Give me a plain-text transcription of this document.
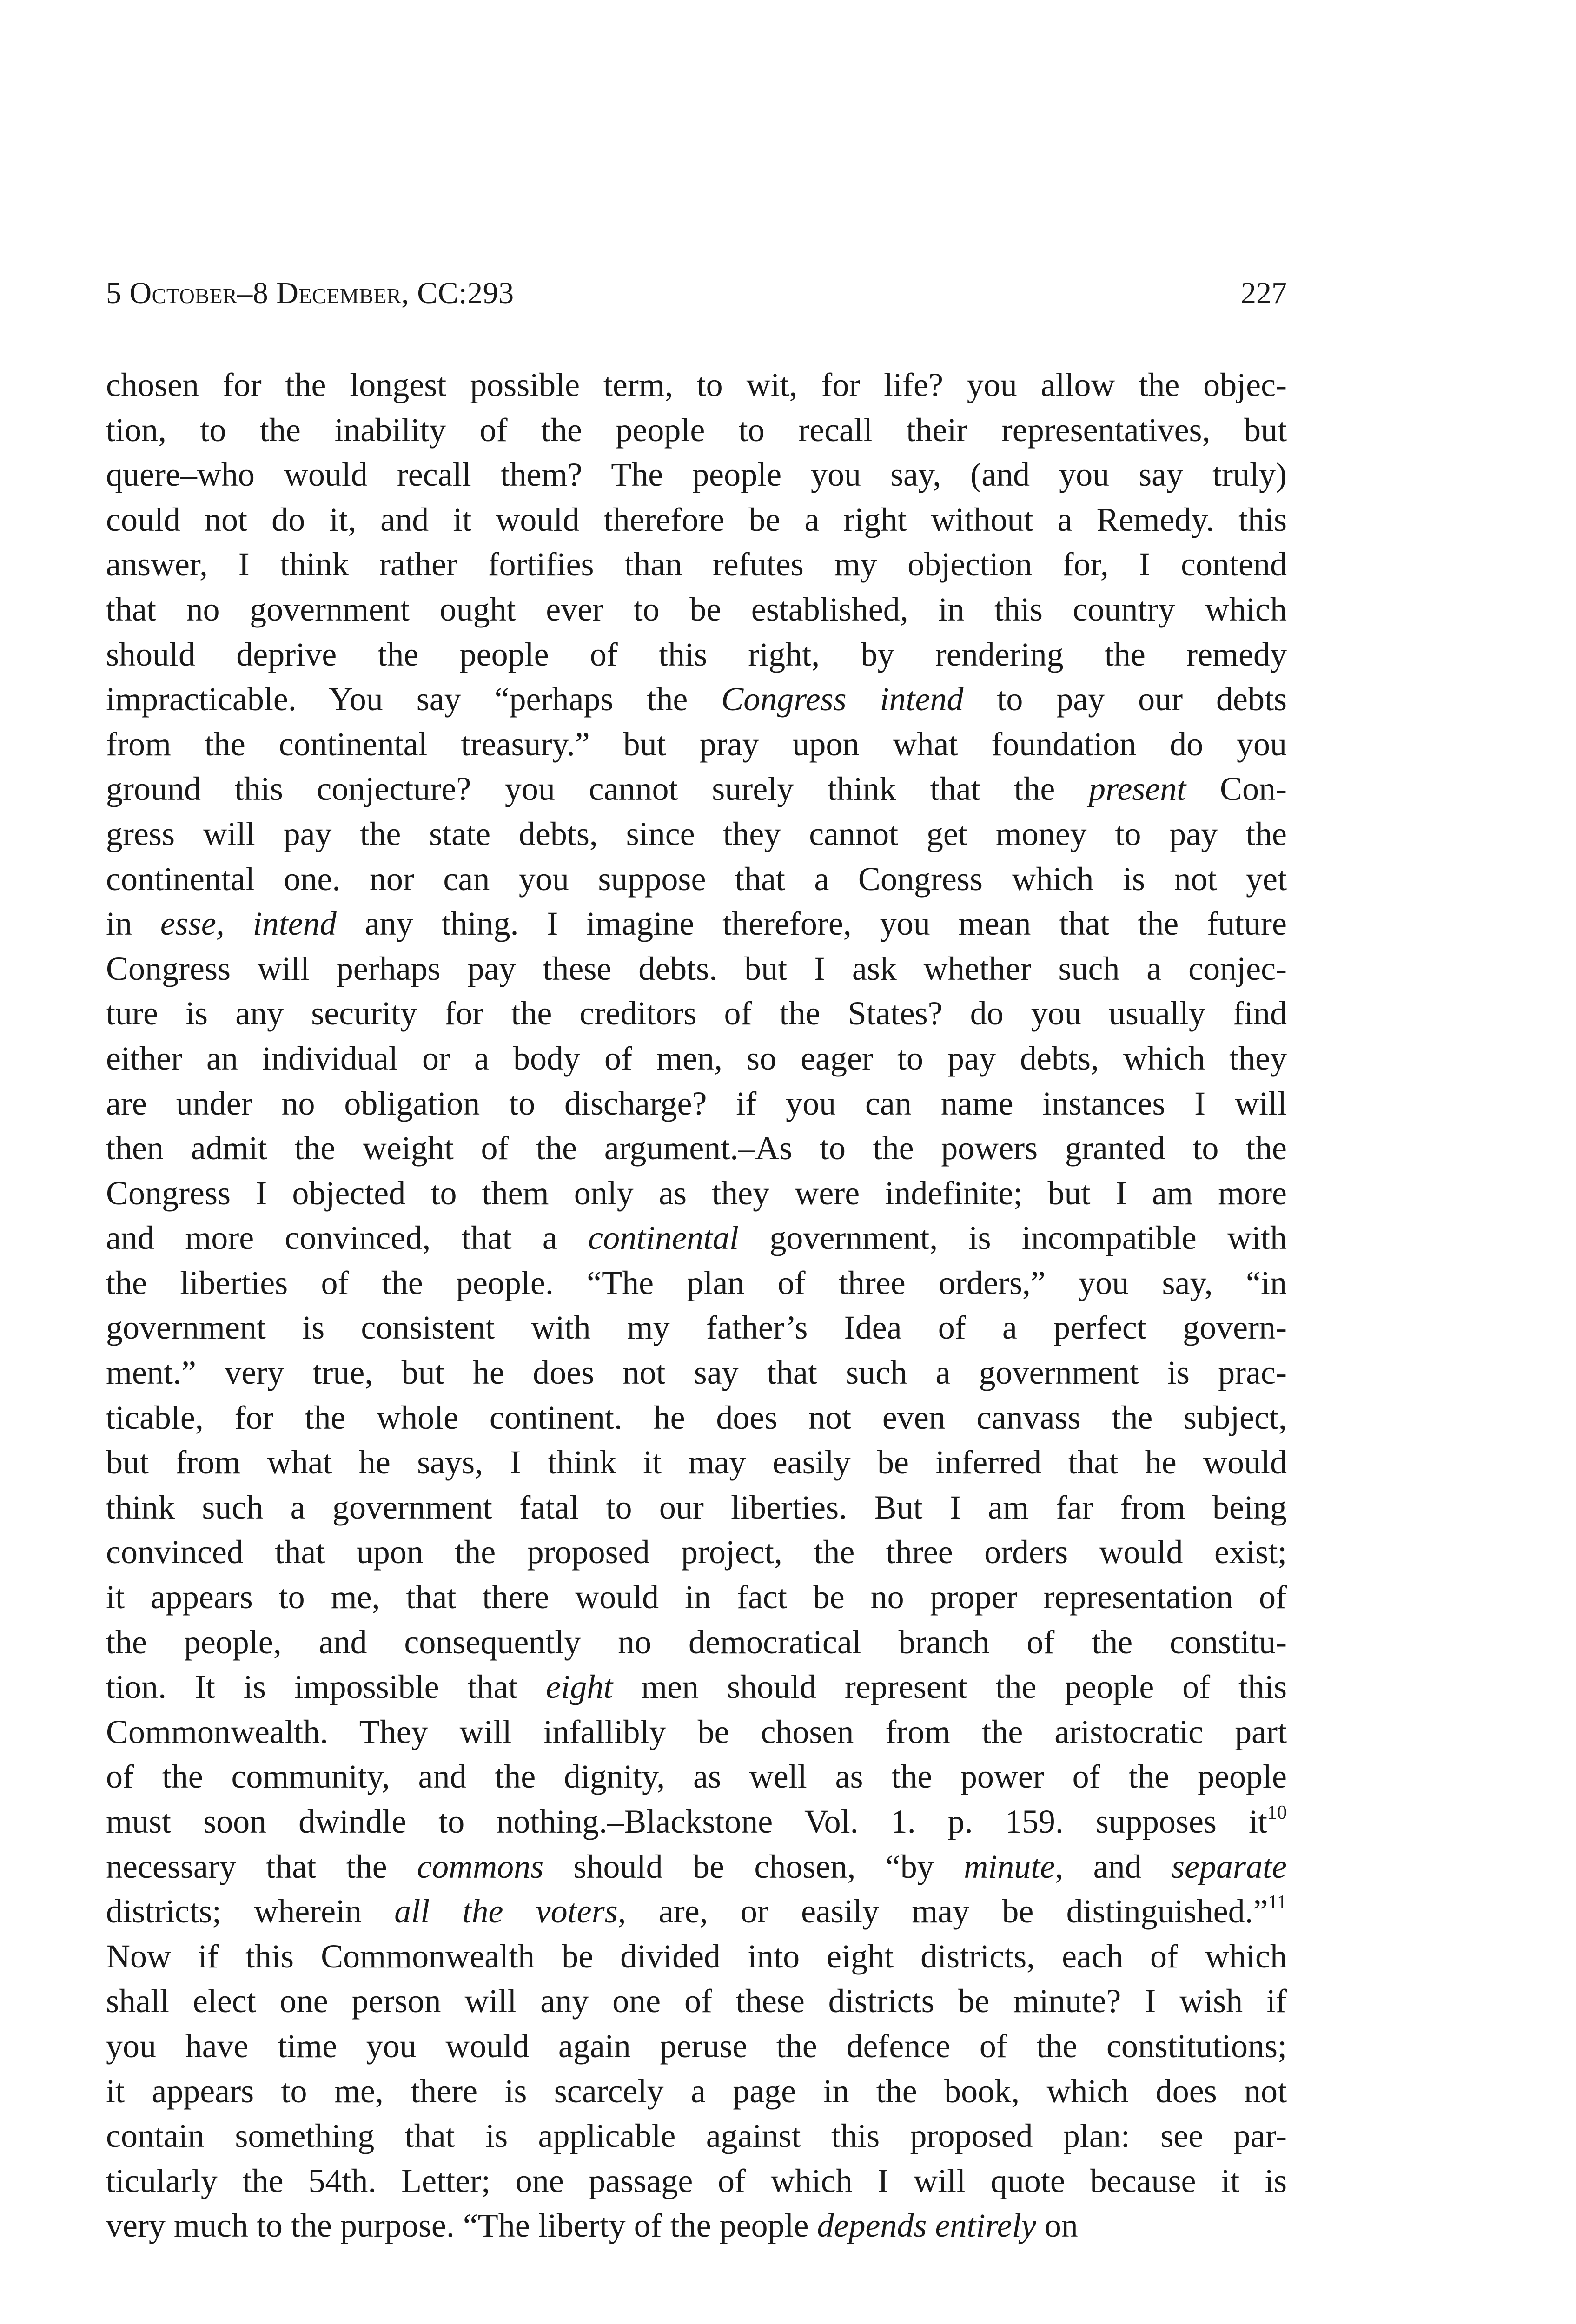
5 October–8 December, CC:293	227
chosen for the longest possible term, to wit, for life? you allow the objec-
tion, to the inability of the people to recall their representatives, but
quere–who would recall them? The people you say, (and you say truly)
could not do it, and it would therefore be a right without a Remedy. this
answer, I think rather fortifies than refutes my objection for, I contend
that no government ought ever to be established, in this country which
should deprive the people of this right, by rendering the remedy
impracticable. You say “perhaps the Congress intend to pay our debts
from the continental treasury.” but pray upon what foundation do you
ground this conjecture? you cannot surely think that the present Con-
gress will pay the state debts, since they cannot get money to pay the
continental one. nor can you suppose that a Congress which is not yet
in esse, intend any thing. I imagine therefore, you mean that the future
Congress will perhaps pay these debts. but I ask whether such a conjec-
ture is any security for the creditors of the States? do you usually find
either an individual or a body of men, so eager to pay debts, which they
are under no obligation to discharge? if you can name instances I will
then admit the weight of the argument.–As to the powers granted to the
Congress I objected to them only as they were indefinite; but I am more
and more convinced, that a continental government, is incompatible with
the liberties of the people. “The plan of three orders,” you say, “in
government is consistent with my father’s Idea of a perfect govern-
ment.” very true, but he does not say that such a government is prac-
ticable, for the whole continent. he does not even canvass the subject,
but from what he says, I think it may easily be inferred that he would
think such a government fatal to our liberties. But I am far from being
convinced that upon the proposed project, the three orders would exist;
it appears to me, that there would in fact be no proper representation of
the people, and consequently no democratical branch of the constitu-
tion. It is impossible that eight men should represent the people of this
Commonwealth. They will infallibly be chosen from the aristocratic part
of the community, and the dignity, as well as the power of the people
must soon dwindle to nothing.–Blackstone Vol. 1. p. 159. supposes $it^{10}$
necessary that the commons should be chosen, “by minute, and separate
districts; wherein all the voters, are, or easily may be distinguished.”$^{11}$
Now if this Commonwealth be divided into eight districts, each of which
shall elect one person will any one of these districts be minute? I wish if
you have time you would again peruse the defence of the constitutions;
it appears to me, there is scarcely a page in the book, which does not
contain something that is applicable against this proposed plan: see par-
ticularly the 54th. Letter; one passage of which I will quote because it is
very much to the purpose. “The liberty of the people depends entirely on
